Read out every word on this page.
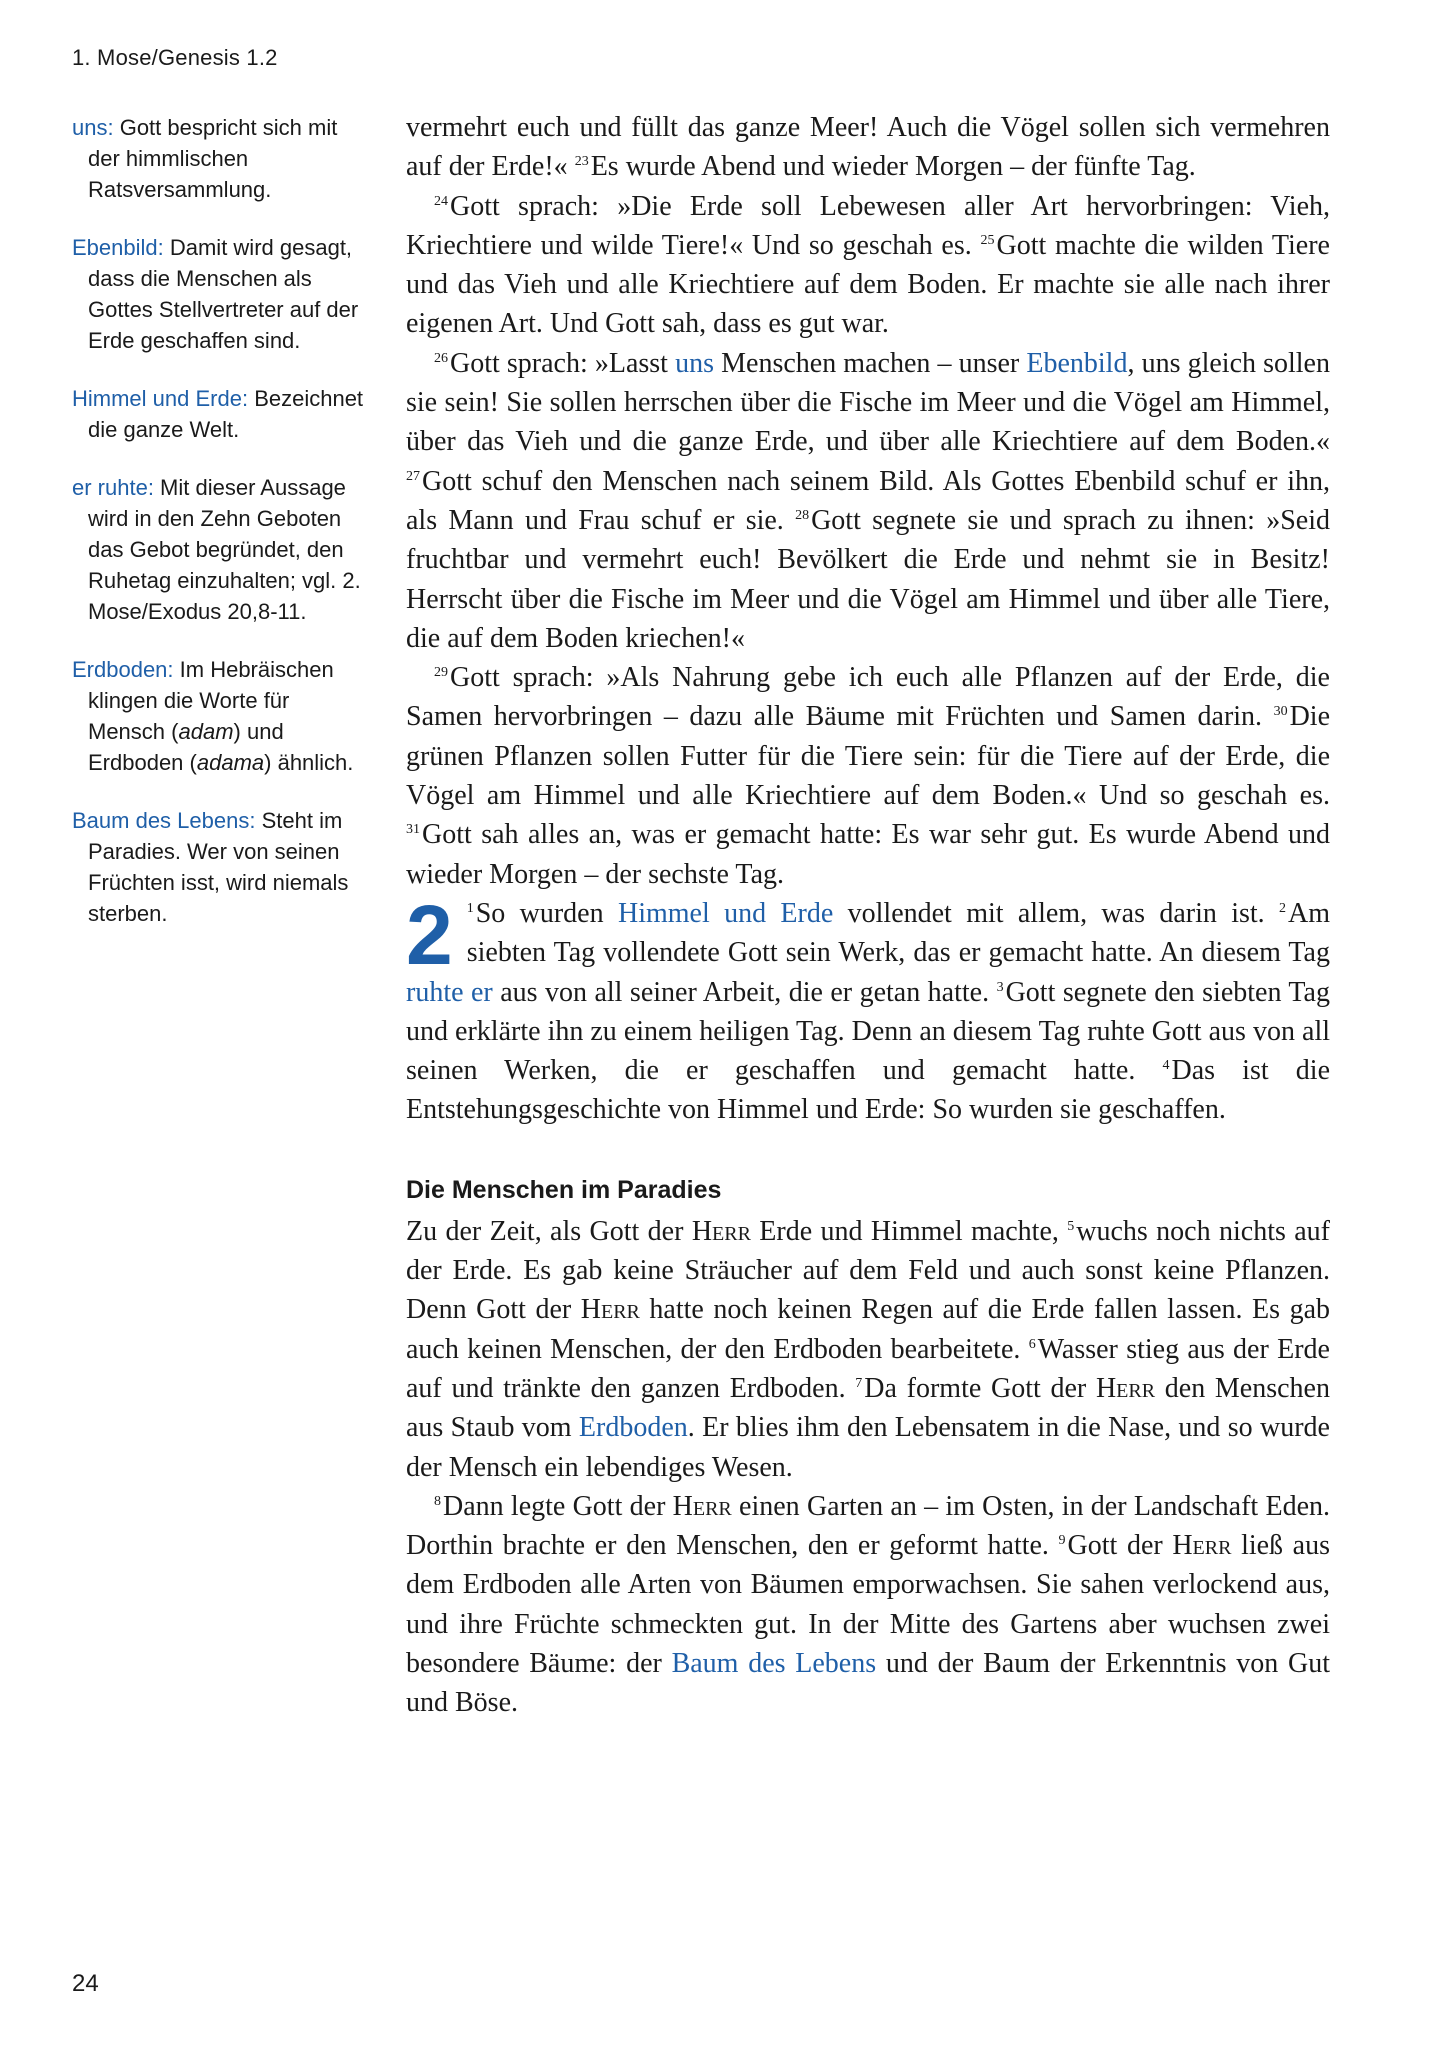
1. Mose/Genesis 1.2

uns: Gott bespricht sich mit der himmlischen Ratsversammlung.

Ebenbild: Damit wird gesagt, dass die Menschen als Gottes Stellvertreter auf der Erde geschaffen sind.

Himmel und Erde: Bezeichnet die ganze Welt.

er ruhte: Mit dieser Aussage wird in den Zehn Geboten das Gebot begründet, den Ruhetag einzuhalten; vgl. 2. Mose/Exodus 20,8-11.

Erdboden: Im Hebräischen klingen die Worte für Mensch (adam) und Erdboden (adama) ähnlich.

Baum des Lebens: Steht im Paradies. Wer von seinen Früchten isst, wird niemals sterben.

vermehrt euch und füllt das ganze Meer! Auch die Vögel sollen sich vermehren auf der Erde!« $^{23}$Es wurde Abend und wieder Morgen – der fünfte Tag.

$^{24}$Gott sprach: »Die Erde soll Lebewesen aller Art hervorbringen: Vieh, Kriechtiere und wilde Tiere!« Und so geschah es. $^{25}$Gott machte die wilden Tiere und das Vieh und alle Kriechtiere auf dem Boden. Er machte sie alle nach ihrer eigenen Art. Und Gott sah, dass es gut war.

$^{26}$Gott sprach: »Lasst uns Menschen machen – unser Ebenbild, uns gleich sollen sie sein! Sie sollen herrschen über die Fische im Meer und die Vögel am Himmel, über das Vieh und die ganze Erde, und über alle Kriechtiere auf dem Boden.« $^{27}$Gott schuf den Menschen nach seinem Bild. Als Gottes Ebenbild schuf er ihn, als Mann und Frau schuf er sie. $^{28}$Gott segnete sie und sprach zu ihnen: »Seid fruchtbar und vermehrt euch! Bevölkert die Erde und nehmt sie in Besitz! Herrscht über die Fische im Meer und die Vögel am Himmel und über alle Tiere, die auf dem Boden kriechen!«

$^{29}$Gott sprach: »Als Nahrung gebe ich euch alle Pflanzen auf der Erde, die Samen hervorbringen – dazu alle Bäume mit Früchten und Samen darin. $^{30}$Die grünen Pflanzen sollen Futter für die Tiere sein: für die Tiere auf der Erde, die Vögel am Himmel und alle Kriechtiere auf dem Boden.« Und so geschah es. $^{31}$Gott sah alles an, was er gemacht hatte: Es war sehr gut. Es wurde Abend und wieder Morgen – der sechste Tag.

2 $^1$So wurden Himmel und Erde vollendet mit allem, was darin ist. $^2$Am siebten Tag vollendete Gott sein Werk, das er gemacht hatte. An diesem Tag ruhte er aus von all seiner Arbeit, die er getan hatte. $^3$Gott segnete den siebten Tag und erklärte ihn zu einem heiligen Tag. Denn an diesem Tag ruhte Gott aus von all seinen Werken, die er geschaffen und gemacht hatte. $^4$Das ist die Entstehungsgeschichte von Himmel und Erde: So wurden sie geschaffen.

Die Menschen im Paradies

Zu der Zeit, als Gott der Herr Erde und Himmel machte, $^5$wuchs noch nichts auf der Erde. Es gab keine Sträucher auf dem Feld und auch sonst keine Pflanzen. Denn Gott der Herr hatte noch keinen Regen auf die Erde fallen lassen. Es gab auch keinen Menschen, der den Erdboden bearbeitete. $^6$Wasser stieg aus der Erde auf und tränkte den ganzen Erdboden. $^7$Da formte Gott der Herr den Menschen aus Staub vom Erdboden. Er blies ihm den Lebensatem in die Nase, und so wurde der Mensch ein lebendiges Wesen.

$^8$Dann legte Gott der Herr einen Garten an – im Osten, in der Landschaft Eden. Dorthin brachte er den Menschen, den er geformt hatte. $^9$Gott der Herr ließ aus dem Erdboden alle Arten von Bäumen emporwachsen. Sie sahen verlockend aus, und ihre Früchte schmeckten gut. In der Mitte des Gartens aber wuchsen zwei besondere Bäume: der Baum des Lebens und der Baum der Erkenntnis von Gut und Böse.

24
